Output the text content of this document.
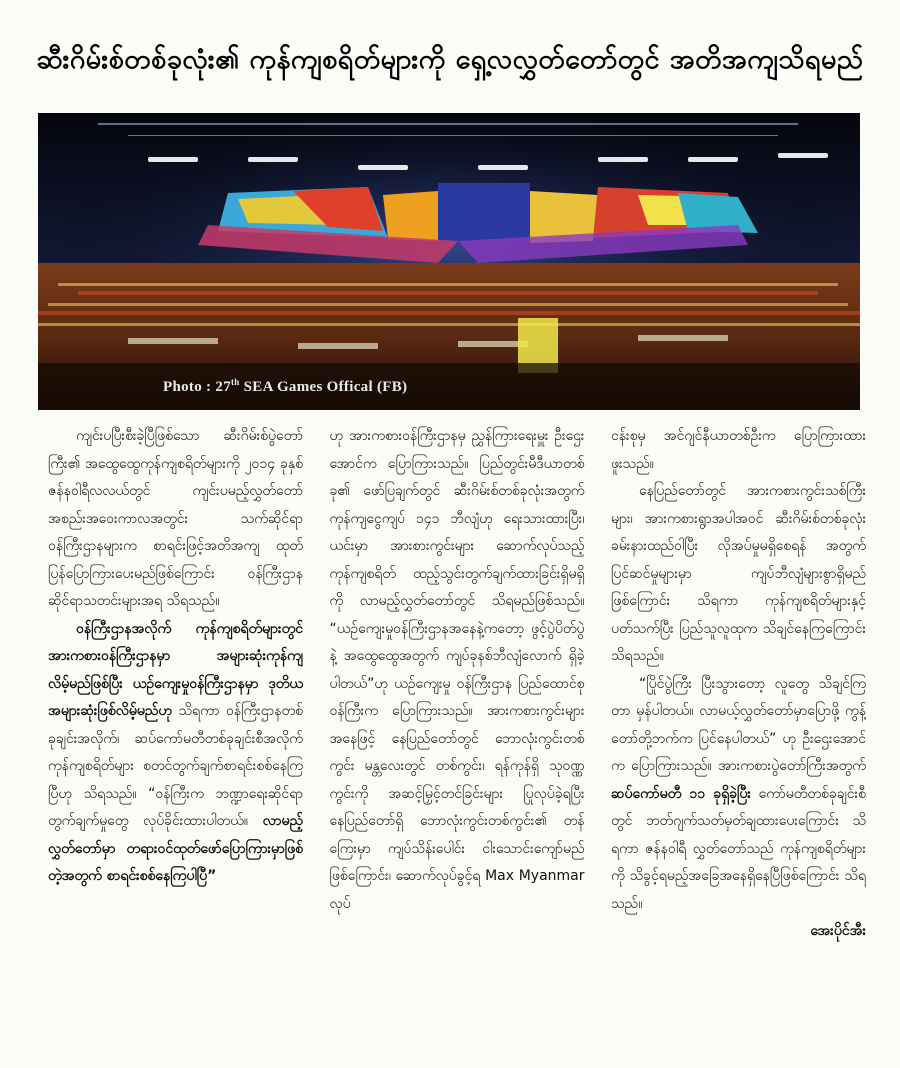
ဆီးဂိမ်းစ်တစ်ခုလုံး၏ ကုန်ကျစရိတ်များကို ရှေ့လလွှတ်တော်တွင် အတိအကျသိရမည်
Photo : 27th SEA Games Offical (FB)

ကျင်းပပြီးစီးခဲ့ပြီဖြစ်သော ဆီးဂိမ်းစ်ပွဲတော်ကြီး၏ အထွေထွေကုန်ကျစရိတ်များကို ၂၀၁၄ ခုနှစ် ဇန်နဝါရီလလယ်တွင် ကျင်းပမည့်လွှတ်တော်အစည်းအဝေးကာလအတွင်း သက်ဆိုင်ရာဝန်ကြီးဌာနများက စာရင်းဖြင့်အတိအကျ ထုတ်ပြန်ပြောကြားပေးမည်ဖြစ်ကြောင်း ဝန်ကြီးဌာနဆိုင်ရာသတင်းများအရ သိရသည်။

ဝန်ကြီးဌာနအလိုက် ကုန်ကျစရိတ်များတွင် အားကစားဝန်ကြီးဌာနမှာ အများဆုံးကုန်ကျလိမ့်မည်ဖြစ်ပြီး ယဉ်ကျေးမှုဝန်ကြီးဌာနမှာ ဒုတိယအများဆုံးဖြစ်လိမ့်မည်ဟု သိရကာ ဝန်ကြီးဌာနတစ်ခုချင်းအလိုက်၊ ဆပ်ကော်မတီတစ်ခုချင်းစီအလိုက် ကုန်ကျစရိတ်များ စတင်တွက်ချက်စာရင်းစစ်နေကြပြီဟု သိရသည်။ “ဝန်ကြီးက ဘဏ္ဍာရေးဆိုင်ရာ တွက်ချက်မှုတွေ လုပ်ခိုင်းထားပါတယ်။ လာမည့်လွှတ်တော်မှာ တရားဝင်ထုတ်ဖော်ပြောကြားမှာဖြစ်တဲ့အတွက် စာရင်းစစ်နေကြပါပြီ”

ဟု အားကစားဝန်ကြီးဌာနမှ ညွှန်ကြားရေးမှူး ဦးဌေးအောင်က ပြောကြားသည်။ ပြည်တွင်းမီဒီယာတစ်ခု၏ ဖော်ပြချက်တွင် ဆီးဂိမ်းစ်တစ်ခုလုံးအတွက် ကုန်ကျငွေကျပ် ၁၄၁ ဘီလျံဟု ရေးသားထားပြီး၊ ယင်းမှာ အားစားကွင်းများ ဆောက်လုပ်သည့်ကုန်ကျစရိတ် ထည့်သွင်းတွက်ချက်ထားခြင်းရှိမရှိကို လာမည့်လွှတ်တော်တွင် သိရမည်ဖြစ်သည်။ “ယဉ်ကျေးမှုဝန်ကြီးဌာနအနေနဲ့ကတော့ ဖွင့်ပွဲပိတ်ပွဲနဲ့ အထွေထွေအတွက် ကျပ်ခုနစ်ဘီလျံလောက် ရှိခဲ့ပါတယ်”ဟု ယဉ်ကျေးမှု ဝန်ကြီးဌာန ပြည်ထောင်စုဝန်ကြီးက ပြောကြားသည်။ အားကစားကွင်းများအနေဖြင့် နေပြည်တော်တွင် ဘောလုံးကွင်းတစ်ကွင်း မန္တလေးတွင် တစ်ကွင်း၊ ရန်ကုန်ရှိ သုဝဏ္ဏကွင်းကို အဆင့်မြှင့်တင်ခြင်းများ ပြုလုပ်ခဲ့ရပြီး နေပြည်တော်ရှိ ဘောလုံးကွင်းတစ်ကွင်း၏ တန်ကြေးမှာ ကျပ်သိန်းပေါင်း ငါးသောင်းကျော်မည်ဖြစ်ကြောင်း၊ ဆောက်လုပ်ခွင့်ရ Max Myanmar လုပ်

ငန်းစုမှ အင်ဂျင်နီယာတစ်ဦးက ပြောကြားထားဖူးသည်။

နေပြည်တော်တွင် အားကစားကွင်းသစ်ကြီးများ၊ အားကစားရွာအပါအဝင် ဆီးဂိမ်းစ်တစ်ခုလုံး ခမ်းနားထည်ဝါပြီး လိုအပ်မှုမရှိစေရန် အတွက် ပြင်ဆင်မှုများမှာ ကျပ်ဘီလျံများစွာရှိမည်ဖြစ်ကြောင်း သိရကာ ကုန်ကျစရိတ်များနှင့်ပတ်သက်ပြီး ပြည်သူလူထုက သိချင်နေကြကြောင်း သိရသည်။

“ပြိုင်ပွဲကြီး ပြီးသွားတော့ လူတွေ သိချင်ကြတာ မှန်ပါတယ်။ လာမယ့်လွှတ်တော်မှာပြောဖို့ ကွန့်တော်တို့ဘက်က ပြင်နေပါတယ်” ဟု ဦးဌေးအောင်က ပြောကြားသည်။ အားကစားပွဲတော်ကြီးအတွက် ဆပ်ကော်မတီ ၁၁ ခုရှိခဲ့ပြီး ကော်မတီတစ်ခုချင်းစီတွင် ဘတ်ဂျက်သတ်မှတ်ချထားပေးကြောင်း သိရကာ ဇန်နဝါရီ လွှတ်တော်သည် ကုန်ကျစရိတ်များကို သိခွင့်ရမည့်အခြေအနေရှိနေပြီဖြစ်ကြောင်း သိရသည်။

အေးပိုင်အီး
